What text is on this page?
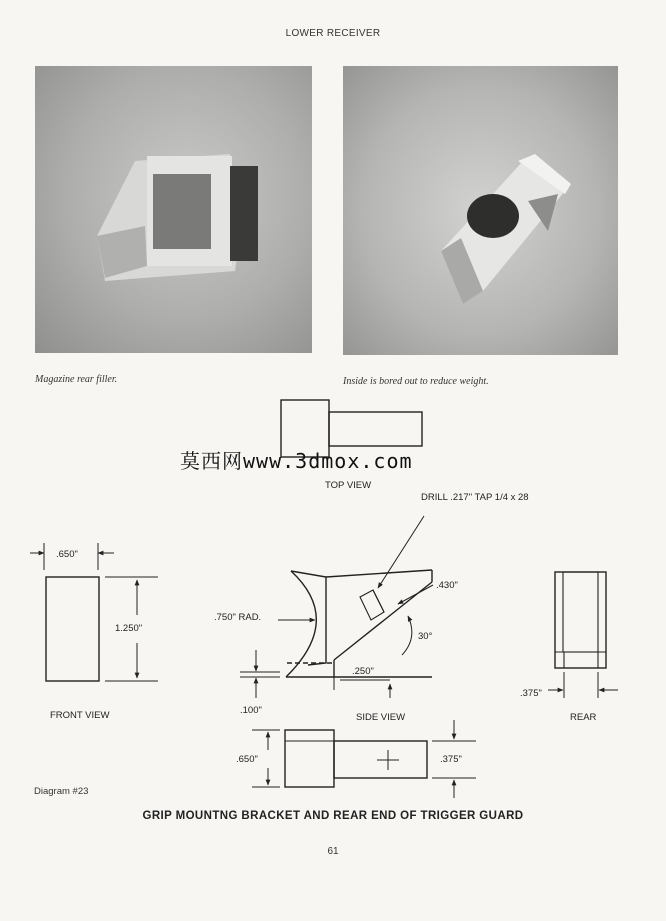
LOWER RECEIVER
Magazine rear filler.	Inside is bored out to reduce weight.
莫西网www.3dmox.com
TOP VIEW
DRILL .217" TAP 1/4 x 28
.650"
1.250"
FRONT VIEW
.750" RAD.
.430"
30°
.250"
.100"
SIDE VIEW
.375"
REAR
.650"	.375"
Diagram #23
GRIP MOUNTNG BRACKET AND REAR END OF TRIGGER GUARD
61
